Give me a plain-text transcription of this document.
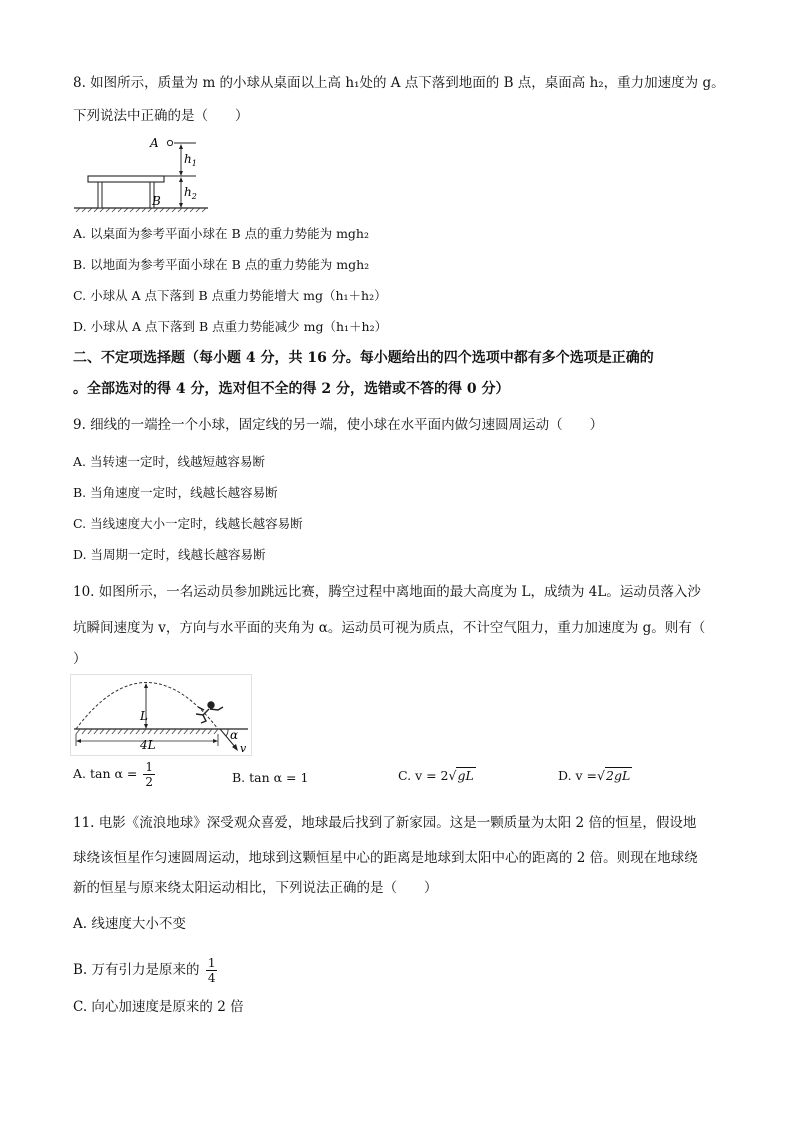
8. 如图所示，质量为 m 的小球从桌面以上高 h₁处的 A 点下落到地面的 B 点，桌面高 h₂，重力加速度为 g。
下列说法中正确的是（　　）
A
B
$h_1$
$h_2$
A. 以桌面为参考平面小球在 B 点的重力势能为 mgh₂
B. 以地面为参考平面小球在 B 点的重力势能为 mgh₂
C. 小球从 A 点下落到 B 点重力势能增大 mg（h₁＋h₂）
D. 小球从 A 点下落到 B 点重力势能减少 mg（h₁＋h₂）
二、不定项选择题（每小题 4 分，共 16 分。每小题给出的四个选项中都有多个选项是正确的
。全部选对的得 4 分，选对但不全的得 2 分，选错或不答的得 0 分）
9. 细线的一端拴一个小球，固定线的另一端，使小球在水平面内做匀速圆周运动（　　）
A. 当转速一定时，线越短越容易断
B. 当角速度一定时，线越长越容易断
C. 当线速度大小一定时，线越长越容易断
D. 当周期一定时，线越长越容易断
10. 如图所示，一名运动员参加跳远比赛，腾空过程中离地面的最大高度为 L，成绩为 4L。运动员落入沙
坑瞬间速度为 v，方向与水平面的夹角为 α。运动员可视为质点，不计空气阻力，重力加速度为 g。则有（
）
L
4L
α
v
A. $\tan \alpha = \frac{1}{2}$	B. tan α = 1	C. v = 2√gL	D. v =√2gL
11. 电影《流浪地球》深受观众喜爱，地球最后找到了新家园。这是一颗质量为太阳 2 倍的恒星，假设地
球绕该恒星作匀速圆周运动，地球到这颗恒星中心的距离是地球到太阳中心的距离的 2 倍。则现在地球绕
新的恒星与原来绕太阳运动相比，下列说法正确的是（　　）
A. 线速度大小不变
B. 万有引力是原来的 $\frac{1}{4}$
C. 向心加速度是原来的 2 倍
